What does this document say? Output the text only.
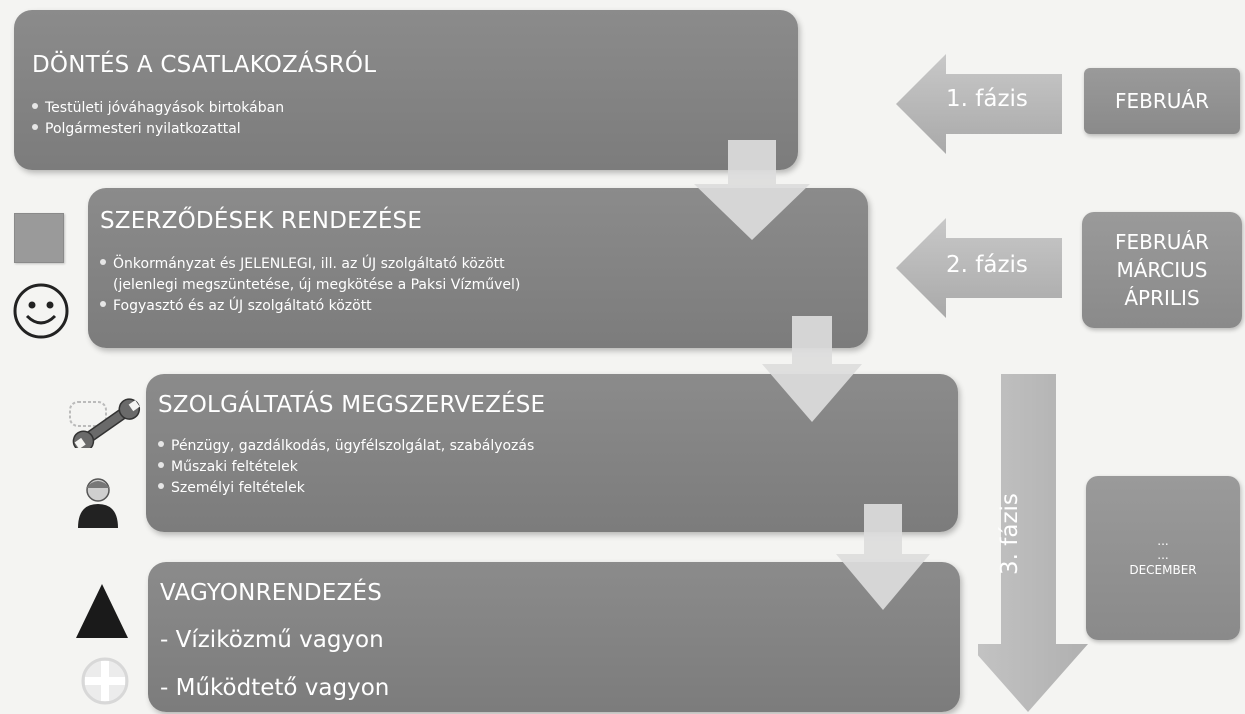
DÖNTÉS A CSATLAKOZÁSRÓL
Testületi jóváhagyások birtokában
Polgármesteri nyilatkozattal
SZERZŐDÉSEK RENDEZÉSE
Önkormányzat és JELENLEGI, ill. az ÚJ szolgáltató között
(jelenlegi megszüntetése, új megkötése a Paksi Vízművel)
Fogyasztó és az ÚJ szolgáltató között
SZOLGÁLTATÁS MEGSZERVEZÉSE
Pénzügy, gazdálkodás, ügyfélszolgálat, szabályozás
Műszaki feltételek
Személyi feltételek
VAGYONRENDEZÉS
- Víziközmű vagyon
- Működtető vagyon
1. fázis
2. fázis
3. fázis
FEBRUÁR
FEBRUÁR
MÁRCIUS
ÁPRILIS
...
...
DECEMBER
